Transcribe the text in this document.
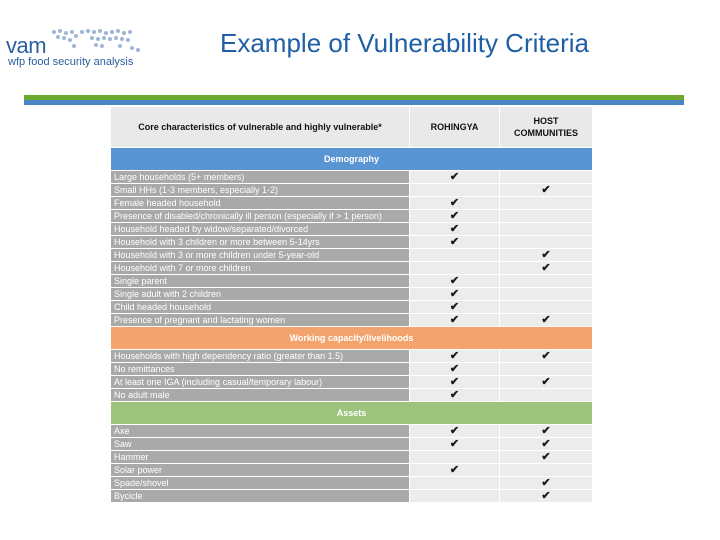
vam
wfp food security analysis
Example of Vulnerability Criteria
Core characteristics of vulnerable and highly vulnerable*	ROHINGYA	HOST COMMUNITIES
Demography		
Large households (5+ members)	✔	
Small HHs (1-3 members, especially 1-2)		✔
Female headed household	✔	
Presence of disabled/chronically ill person (especially if > 1 person)	✔	
Household headed by widow/separated/divorced	✔	
Household with 3 children or more between 5-14yrs	✔	
Household with 3 or more children under 5-year-old		✔
Household with 7 or more children		✔
Single parent	✔	
Single adult with 2 children	✔	
Child headed household	✔	
Presence of pregnant and lactating women	✔	✔
Working capacity/livelihoods		
Households with high dependency ratio (greater than 1.5)	✔	✔
No remittances	✔	
At least one IGA (including casual/temporary labour)	✔	✔
No adult male	✔	
Assets		
Axe	✔	✔
Saw	✔	✔
Hammer		✔
Solar power	✔	
Spade/shovel		✔
Bycicle		✔
